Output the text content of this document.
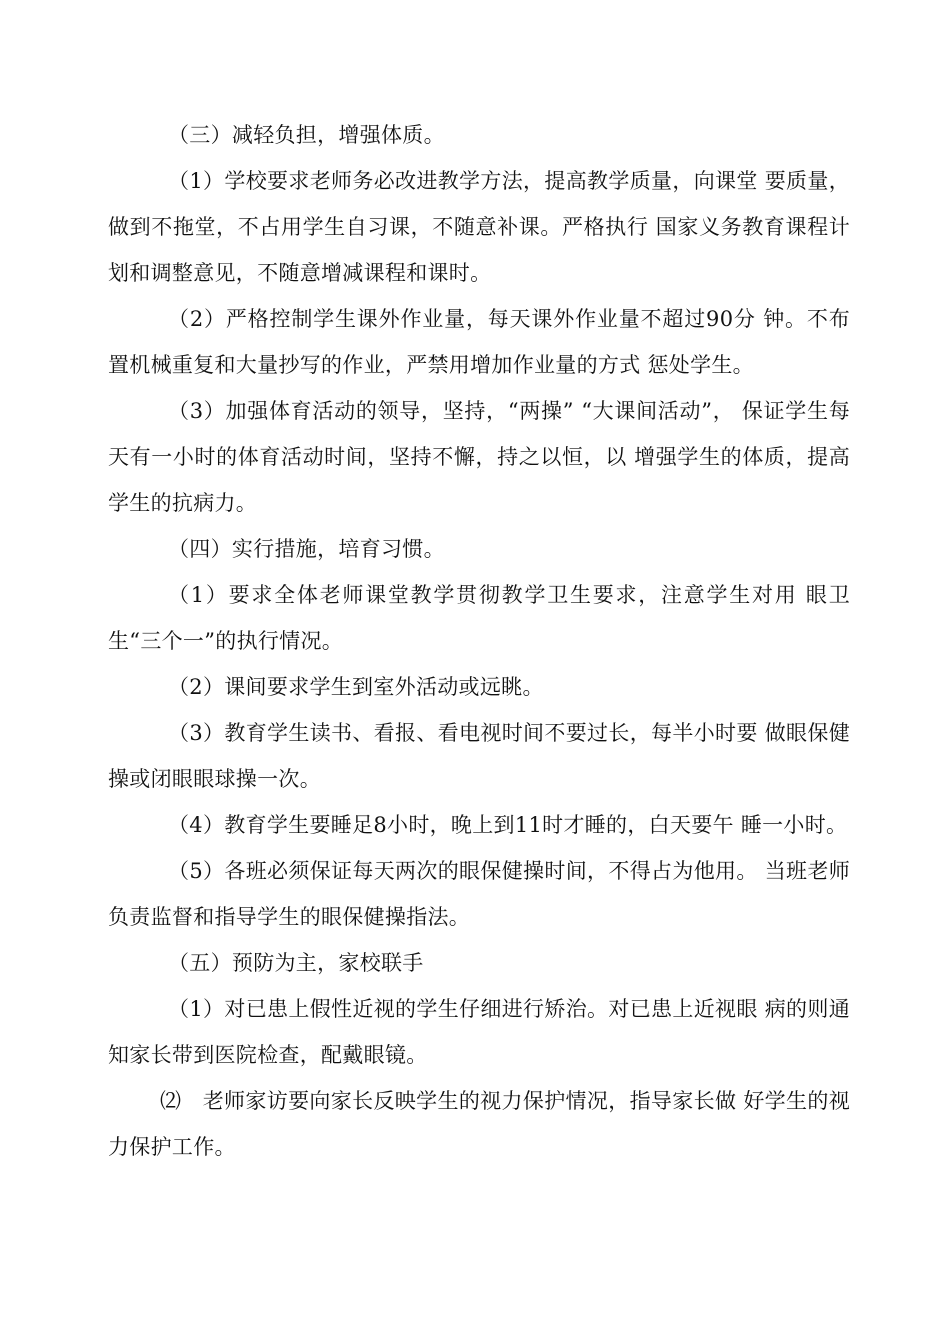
（三）减轻负担，增强体质。

（1）学校要求老师务必改进教学方法，提高教学质量，向课堂 要质量，做到不拖堂，不占用学生自习课，不随意补课。严格执行 国家义务教育课程计划和调整意见，不随意增减课程和课时。

（2）严格控制学生课外作业量，每天课外作业量不超过90分 钟。不布置机械重复和大量抄写的作业，严禁用增加作业量的方式 惩处学生。

（3）加强体育活动的领导，坚持，“两操” “大课间活动”， 保证学生每天有一小时的体育活动时间，坚持不懈，持之以恒，以 增强学生的体质，提高学生的抗病力。

（四）实行措施，培育习惯。

（1）要求全体老师课堂教学贯彻教学卫生要求，注意学生对用 眼卫生“三个一”的执行情况。

（2）课间要求学生到室外活动或远眺。

（3）教育学生读书、看报、看电视时间不要过长，每半小时要 做眼保健操或闭眼眼球操一次。

（4）教育学生要睡足8小时，晚上到11时才睡的，白天要午 睡一小时。

（5）各班必须保证每天两次的眼保健操时间，不得占为他用。 当班老师负责监督和指导学生的眼保健操指法。

（五）预防为主，家校联手

（1）对已患上假性近视的学生仔细进行矫治。对已患上近视眼 病的则通知家长带到医院检查，配戴眼镜。

⑵　老师家访要向家长反映学生的视力保护情况，指导家长做 好学生的视力保护工作。
